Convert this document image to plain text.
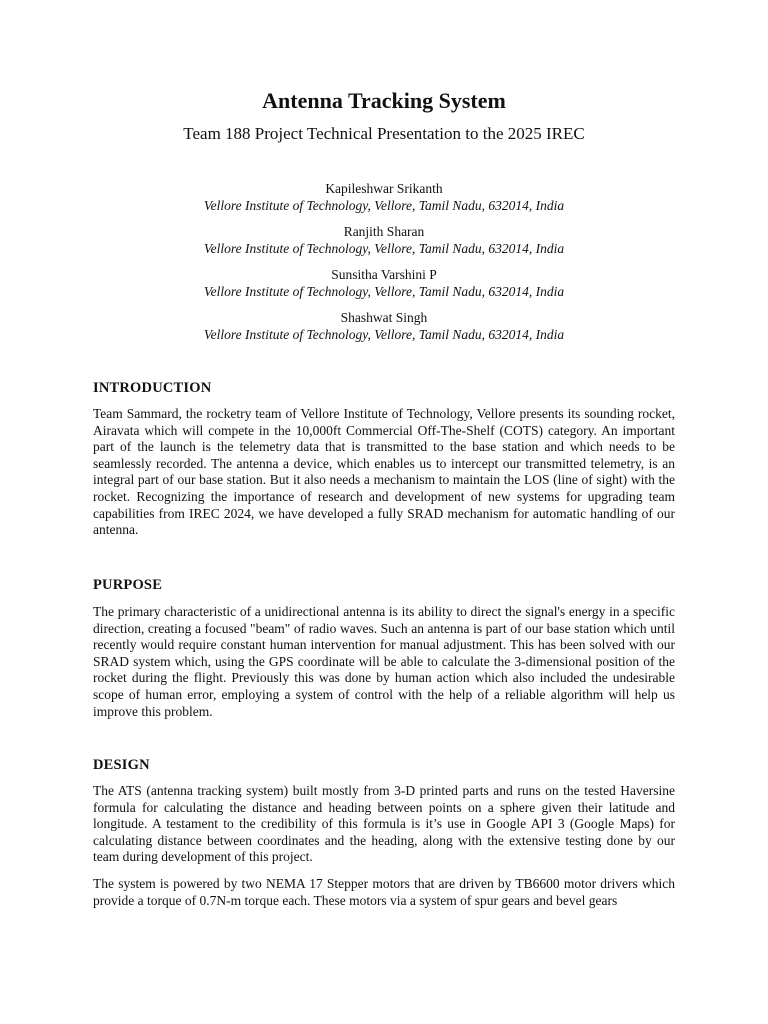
Antenna Tracking System
Team 188 Project Technical Presentation to the 2025 IREC
Kapileshwar Srikanth
Vellore Institute of Technology, Vellore, Tamil Nadu, 632014, India
Ranjith Sharan
Vellore Institute of Technology, Vellore, Tamil Nadu, 632014, India
Sunsitha Varshini P
Vellore Institute of Technology, Vellore, Tamil Nadu, 632014, India
Shashwat Singh
Vellore Institute of Technology, Vellore, Tamil Nadu, 632014, India
INTRODUCTION

Team Sammard, the rocketry team of Vellore Institute of Technology, Vellore presents its sounding rocket, Airavata which will compete in the 10,000ft Commercial Off-The-Shelf (COTS) category. An important part of the launch is the telemetry data that is transmitted to the base station and which needs to be seamlessly recorded. The antenna a device, which enables us to intercept our transmitted telemetry, is an integral part of our base station. But it also needs a mechanism to maintain the LOS (line of sight) with the rocket. Recognizing the importance of research and development of new systems for upgrading team capabilities from IREC 2024, we have developed a fully SRAD mechanism for automatic handling of our antenna.

PURPOSE

The primary characteristic of a unidirectional antenna is its ability to direct the signal's energy in a specific direction, creating a focused "beam" of radio waves. Such an antenna is part of our base station which until recently would require constant human intervention for manual adjustment. This has been solved with our SRAD system which, using the GPS coordinate will be able to calculate the 3-dimensional position of the rocket during the flight. Previously this was done by human action which also included the undesirable scope of human error, employing a system of control with the help of a reliable algorithm will help us improve this problem.

DESIGN

The ATS (antenna tracking system) built mostly from 3-D printed parts and runs on the tested Haversine formula for calculating the distance and heading between points on a sphere given their latitude and longitude. A testament to the credibility of this formula is it’s use in Google API 3 (Google Maps) for calculating distance between coordinates and the heading, along with the extensive testing done by our team during development of this project.

The system is powered by two NEMA 17 Stepper motors that are driven by TB6600 motor drivers which provide a torque of 0.7N-m torque each. These motors via a system of spur gears and bevel gears
